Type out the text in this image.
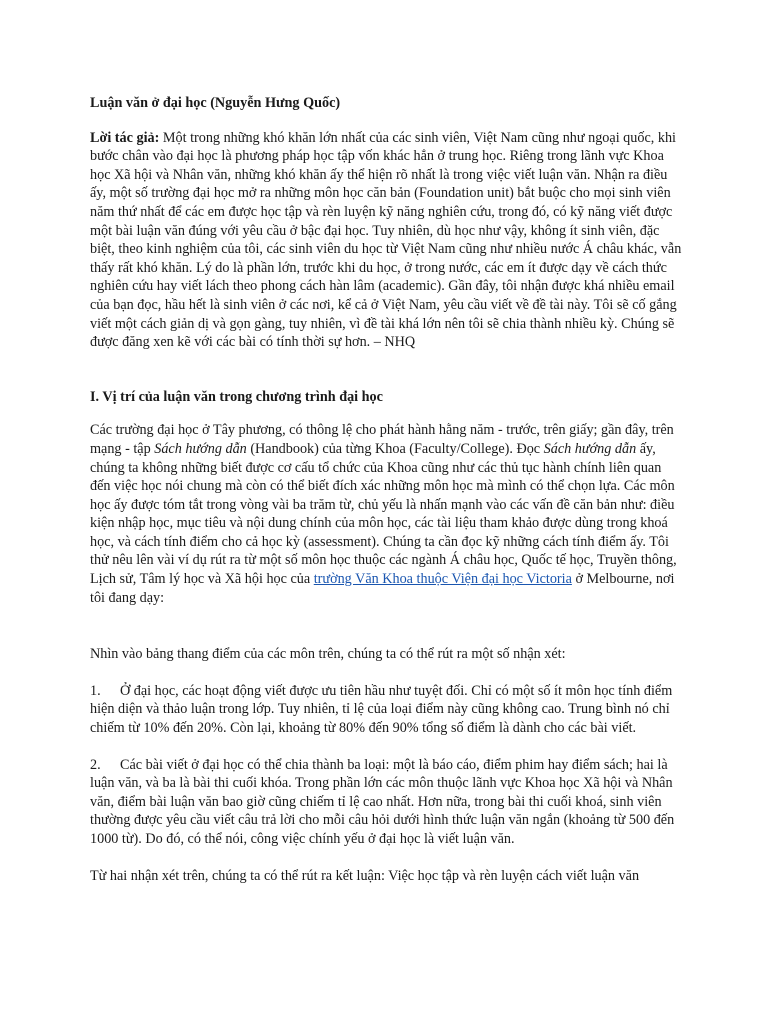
Luận văn ở đại học (Nguyễn Hưng Quốc)

Lời tác giả: Một trong những khó khăn lớn nhất của các sinh viên, Việt Nam cũng như ngoại quốc, khi bước chân vào đại học là phương pháp học tập vốn khác hẳn ở trung học. Riêng trong lãnh vực Khoa học Xã hội và Nhân văn, những khó khăn ấy thể hiện rõ nhất là trong việc viết luận văn. Nhận ra điều ấy, một số trường đại học mở ra những môn học căn bản (Foundation unit) bắt buộc cho mọi sinh viên năm thứ nhất để các em được học tập và rèn luyện kỹ năng nghiên cứu, trong đó, có kỹ năng viết được một bài luận văn đúng với yêu cầu ở bậc đại học. Tuy nhiên, dù học như vậy, không ít sinh viên, đặc biệt, theo kinh nghiệm của tôi, các sinh viên du học từ Việt Nam cũng như nhiều nước Á châu khác, vẫn thấy rất khó khăn. Lý do là phần lớn, trước khi du học, ở trong nước, các em ít được dạy về cách thức nghiên cứu hay viết lách theo phong cách hàn lâm (academic). Gần đây, tôi nhận được khá nhiều email của bạn đọc, hầu hết là sinh viên ở các nơi, kể cả ở Việt Nam, yêu cầu viết về đề tài này. Tôi sẽ cố gắng viết một cách giản dị và gọn gàng, tuy nhiên, vì đề tài khá lớn nên tôi sẽ chia thành nhiều kỳ. Chúng sẽ được đăng xen kẽ với các bài có tính thời sự hơn. – NHQ

I. Vị trí của luận văn trong chương trình đại học

Các trường đại học ở Tây phương, có thông lệ cho phát hành hằng năm - trước, trên giấy; gần đây, trên mạng - tập Sách hướng dẫn (Handbook) của từng Khoa (Faculty/College). Đọc Sách hướng dẫn ấy, chúng ta không những biết được cơ cấu tổ chức của Khoa cũng như các thủ tục hành chính liên quan đến việc học nói chung mà còn có thể biết đích xác những môn học mà mình có thể chọn lựa. Các môn học ấy được tóm tắt trong vòng vài ba trăm từ, chủ yếu là nhấn mạnh vào các vấn đề căn bản như: điều kiện nhập học, mục tiêu và nội dung chính của môn học, các tài liệu tham khảo được dùng trong khoá học, và cách tính điểm cho cả học kỳ (assessment). Chúng ta cần đọc kỹ những cách tính điểm ấy. Tôi thử nêu lên vài ví dụ rút ra từ một số môn học thuộc các ngành Á châu học, Quốc tế học, Truyền thông, Lịch sử, Tâm lý học và Xã hội học của trường Văn Khoa thuộc Viện đại học Victoria ở Melbourne, nơi tôi đang dạy:

Nhìn vào bảng thang điểm của các môn trên, chúng ta có thể rút ra một số nhận xét:

1. Ở đại học, các hoạt động viết được ưu tiên hầu như tuyệt đối. Chỉ có một số ít môn học tính điểm hiện diện và thảo luận trong lớp. Tuy nhiên, tỉ lệ của loại điểm này cũng không cao. Trung bình nó chỉ chiếm từ 10% đến 20%. Còn lại, khoảng từ 80% đến 90% tổng số điểm là dành cho các bài viết.

2. Các bài viết ở đại học có thể chia thành ba loại: một là báo cáo, điểm phim hay điểm sách; hai là luận văn, và ba là bài thi cuối khóa. Trong phần lớn các môn thuộc lãnh vực Khoa học Xã hội và Nhân văn, điểm bài luận văn bao giờ cũng chiếm tỉ lệ cao nhất. Hơn nữa, trong bài thi cuối khoá, sinh viên thường được yêu cầu viết câu trả lời cho mỗi câu hỏi dưới hình thức luận văn ngắn (khoảng từ 500 đến 1000 từ). Do đó, có thể nói, công việc chính yếu ở đại học là viết luận văn.

Từ hai nhận xét trên, chúng ta có thể rút ra kết luận: Việc học tập và rèn luyện cách viết luận văn
